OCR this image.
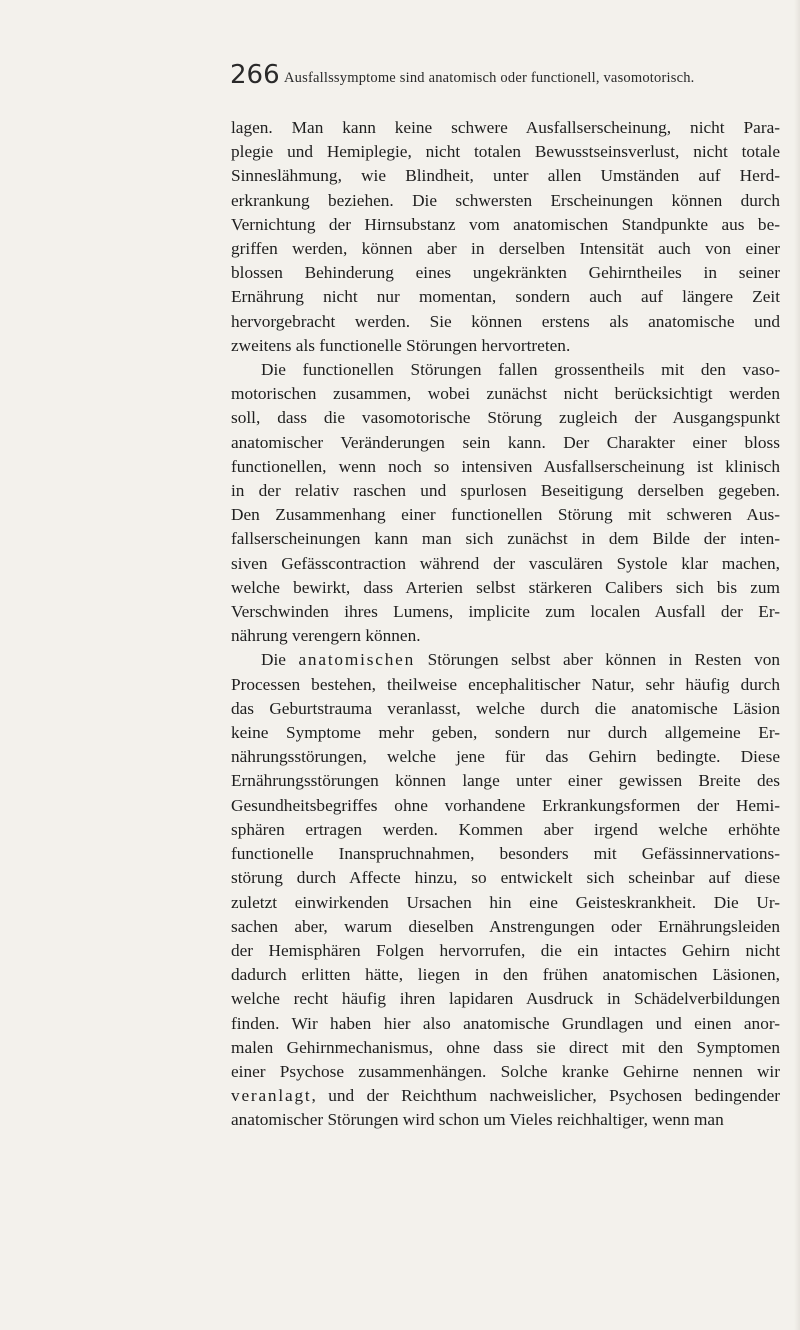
266 Ausfallssymptome sind anatomisch oder functionell, vasomotorisch.
lagen. Man kann keine schwere Ausfallserscheinung, nicht Para-
plegie und Hemiplegie, nicht totalen Bewusstseinsverlust, nicht totale
Sinneslähmung, wie Blindheit, unter allen Umständen auf Herd-
erkrankung beziehen. Die schwersten Erscheinungen können durch
Vernichtung der Hirnsubstanz vom anatomischen Standpunkte aus be-
griffen werden, können aber in derselben Intensität auch von einer
blossen Behinderung eines ungekränkten Gehirntheiles in seiner
Ernährung nicht nur momentan, sondern auch auf längere Zeit
hervorgebracht werden. Sie können erstens als anatomische und
zweitens als functionelle Störungen hervortreten.
Die functionellen Störungen fallen grossentheils mit den vaso-
motorischen zusammen, wobei zunächst nicht berücksichtigt werden
soll, dass die vasomotorische Störung zugleich der Ausgangspunkt
anatomischer Veränderungen sein kann. Der Charakter einer bloss
functionellen, wenn noch so intensiven Ausfallserscheinung ist klinisch
in der relativ raschen und spurlosen Beseitigung derselben gegeben.
Den Zusammenhang einer functionellen Störung mit schweren Aus-
fallserscheinungen kann man sich zunächst in dem Bilde der inten-
siven Gefässcontraction während der vasculären Systole klar machen,
welche bewirkt, dass Arterien selbst stärkeren Calibers sich bis zum
Verschwinden ihres Lumens, implicite zum localen Ausfall der Er-
nährung verengern können.
Die anatomischen Störungen selbst aber können in Resten von
Processen bestehen, theilweise encephalitischer Natur, sehr häufig durch
das Geburtstrauma veranlasst, welche durch die anatomische Läsion
keine Symptome mehr geben, sondern nur durch allgemeine Er-
nährungsstörungen, welche jene für das Gehirn bedingte. Diese
Ernährungsstörungen können lange unter einer gewissen Breite des
Gesundheitsbegriffes ohne vorhandene Erkrankungsformen der Hemi-
sphären ertragen werden. Kommen aber irgend welche erhöhte
functionelle Inanspruchnahmen, besonders mit Gefässinnervations-
störung durch Affecte hinzu, so entwickelt sich scheinbar auf diese
zuletzt einwirkenden Ursachen hin eine Geisteskrankheit. Die Ur-
sachen aber, warum dieselben Anstrengungen oder Ernährungsleiden
der Hemisphären Folgen hervorrufen, die ein intactes Gehirn nicht
dadurch erlitten hätte, liegen in den frühen anatomischen Läsionen,
welche recht häufig ihren lapidaren Ausdruck in Schädelverbildungen
finden. Wir haben hier also anatomische Grundlagen und einen anor-
malen Gehirnmechanismus, ohne dass sie direct mit den Symptomen
einer Psychose zusammenhängen. Solche kranke Gehirne nennen wir
veranlagt, und der Reichthum nachweislicher, Psychosen bedingender
anatomischer Störungen wird schon um Vieles reichhaltiger, wenn man
